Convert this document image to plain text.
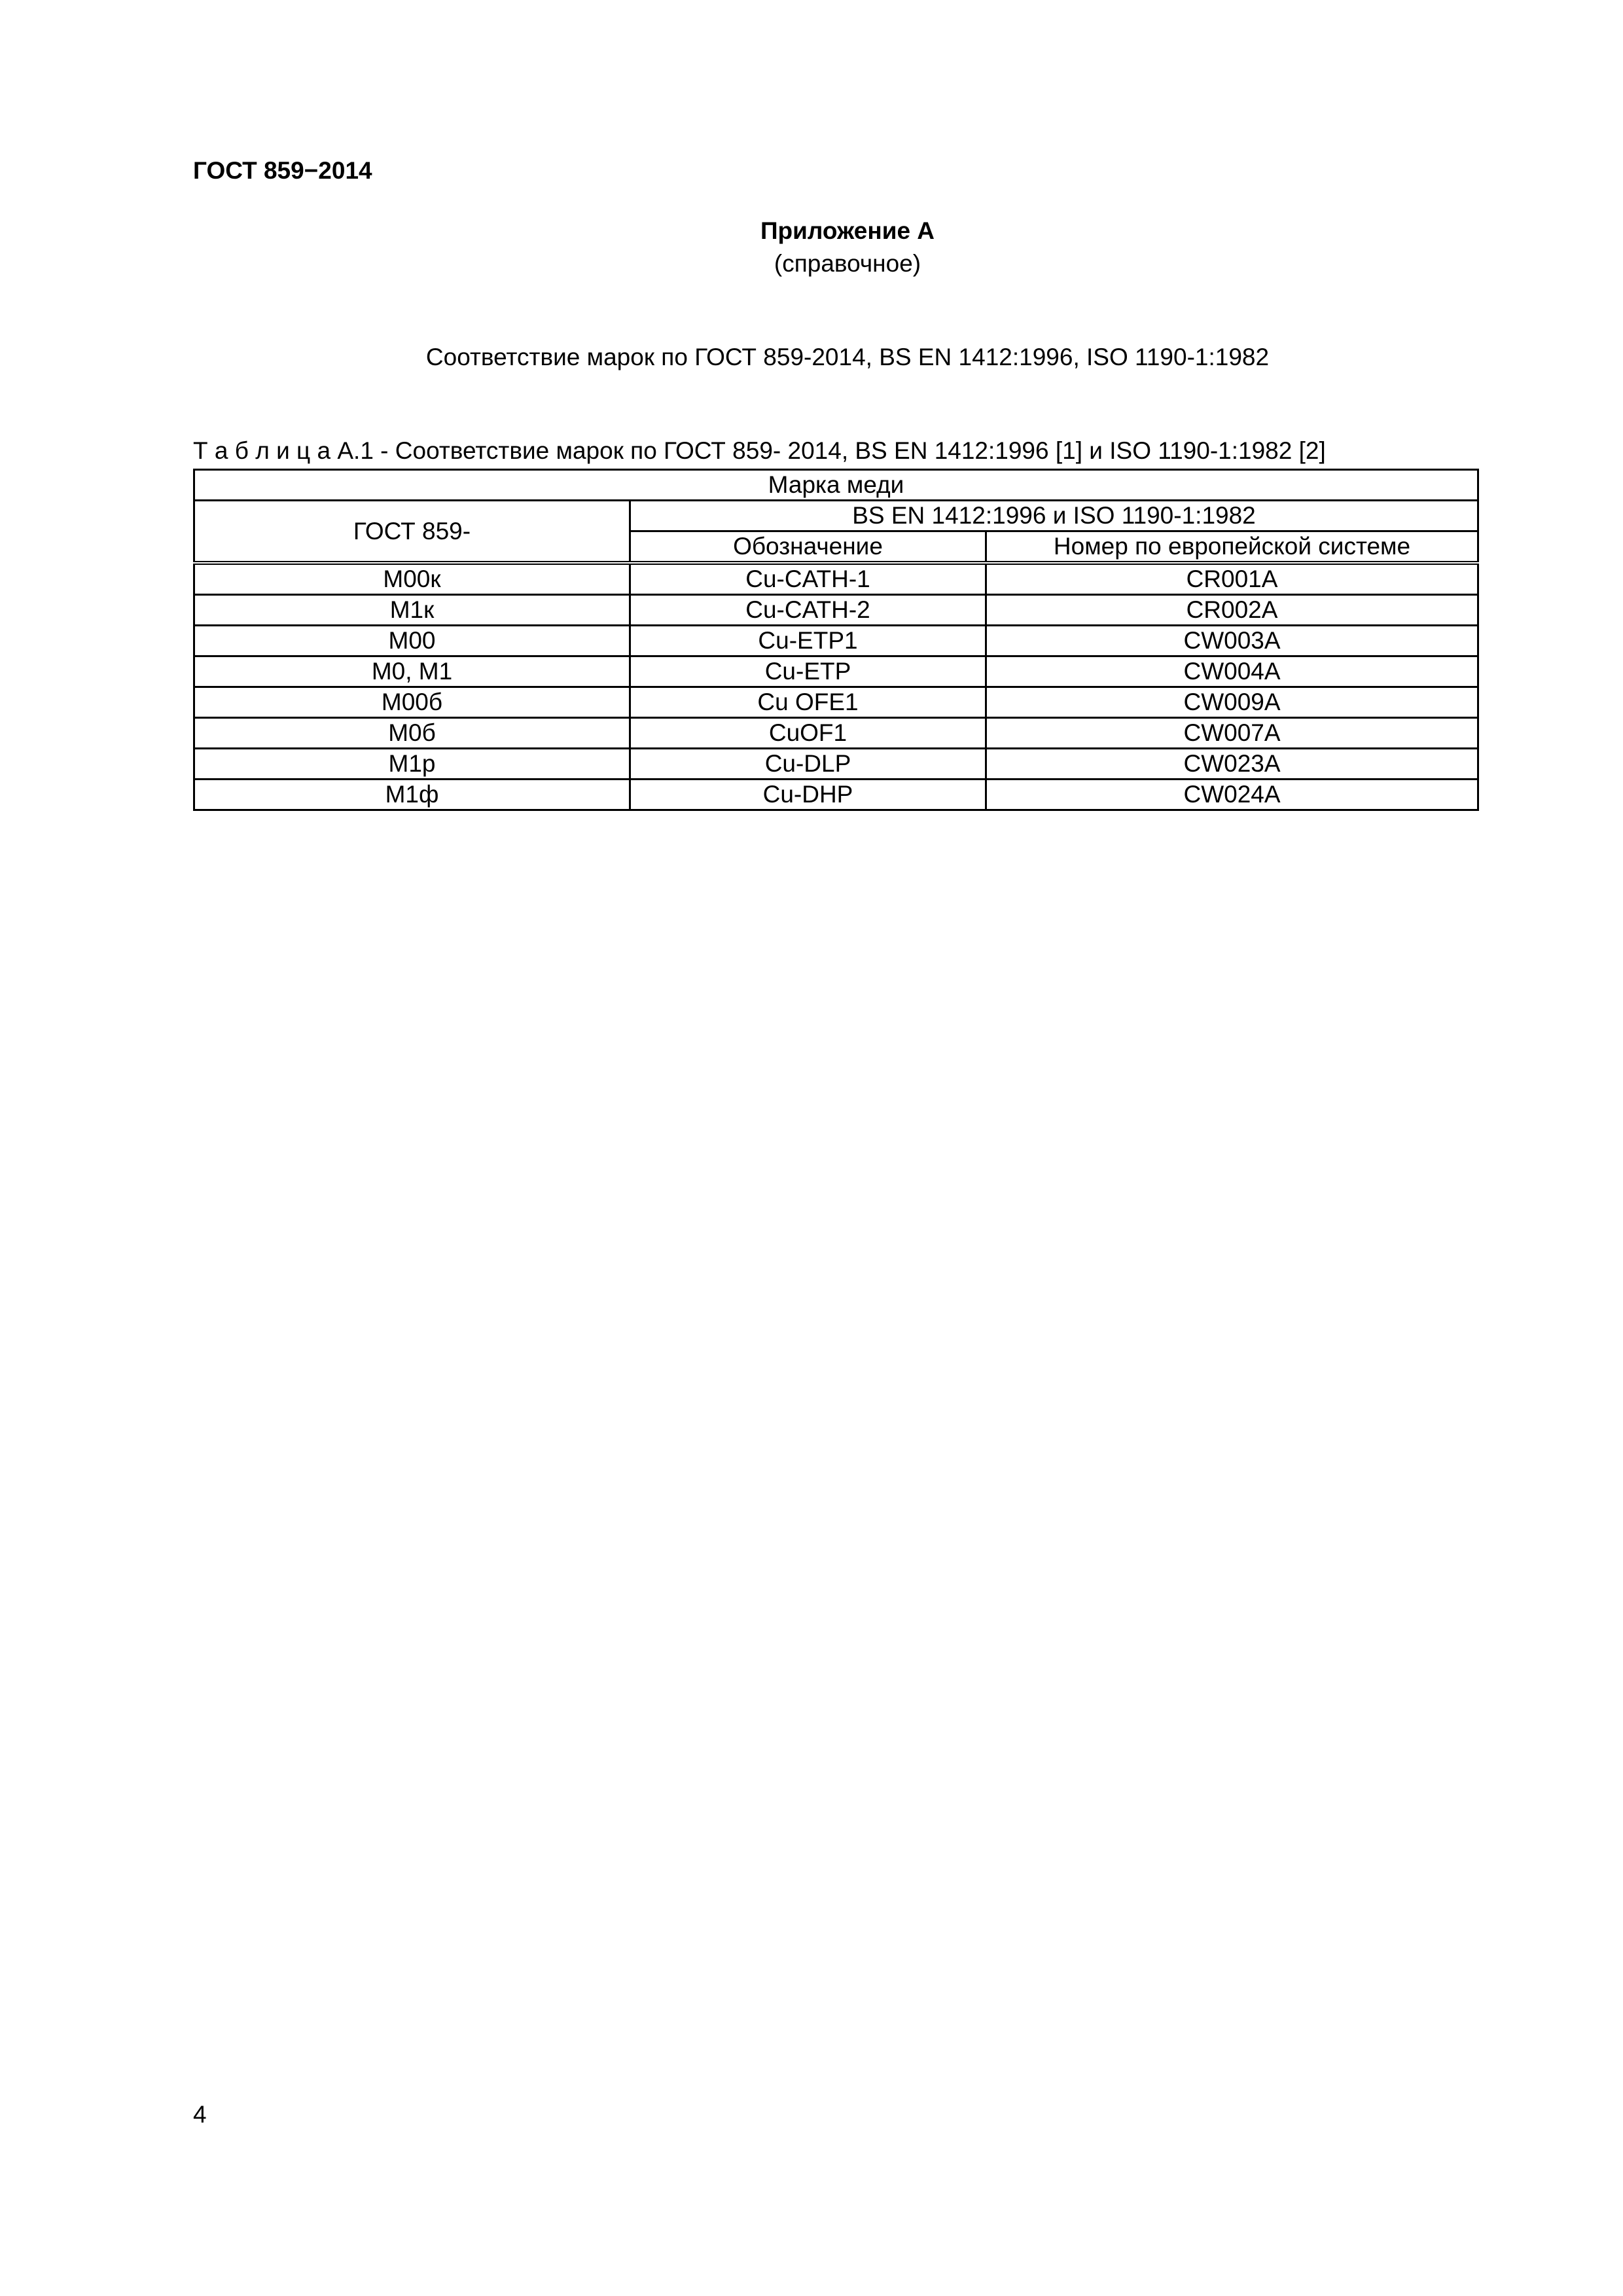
ГОСТ 859−2014
Приложение А
(справочное)
Соответствие марок по ГОСТ 859-2014, BS EN 1412:1996, ISO 1190-1:1982
Т а б л и ц а А.1 - Соответствие марок по ГОСТ 859- 2014, BS EN 1412:1996 [1] и ISO 1190-1:1982 [2]
Марка меди		
ГОСТ 859-	BS EN 1412:1996 и ISO 1190-1:1982	
	Обозначение	Номер по европейской системе
М00к	Cu-CATH-1	CR001A
М1к	Cu-CATH-2	CR002A
М00	Cu-ETP1	CW003A
М0, М1	Cu-ETP	CW004A
М00б	Cu OFE1	CW009A
М0б	CuOF1	CW007A
М1р	Cu-DLP	CW023A
М1ф	Cu-DHP	CW024A
4
